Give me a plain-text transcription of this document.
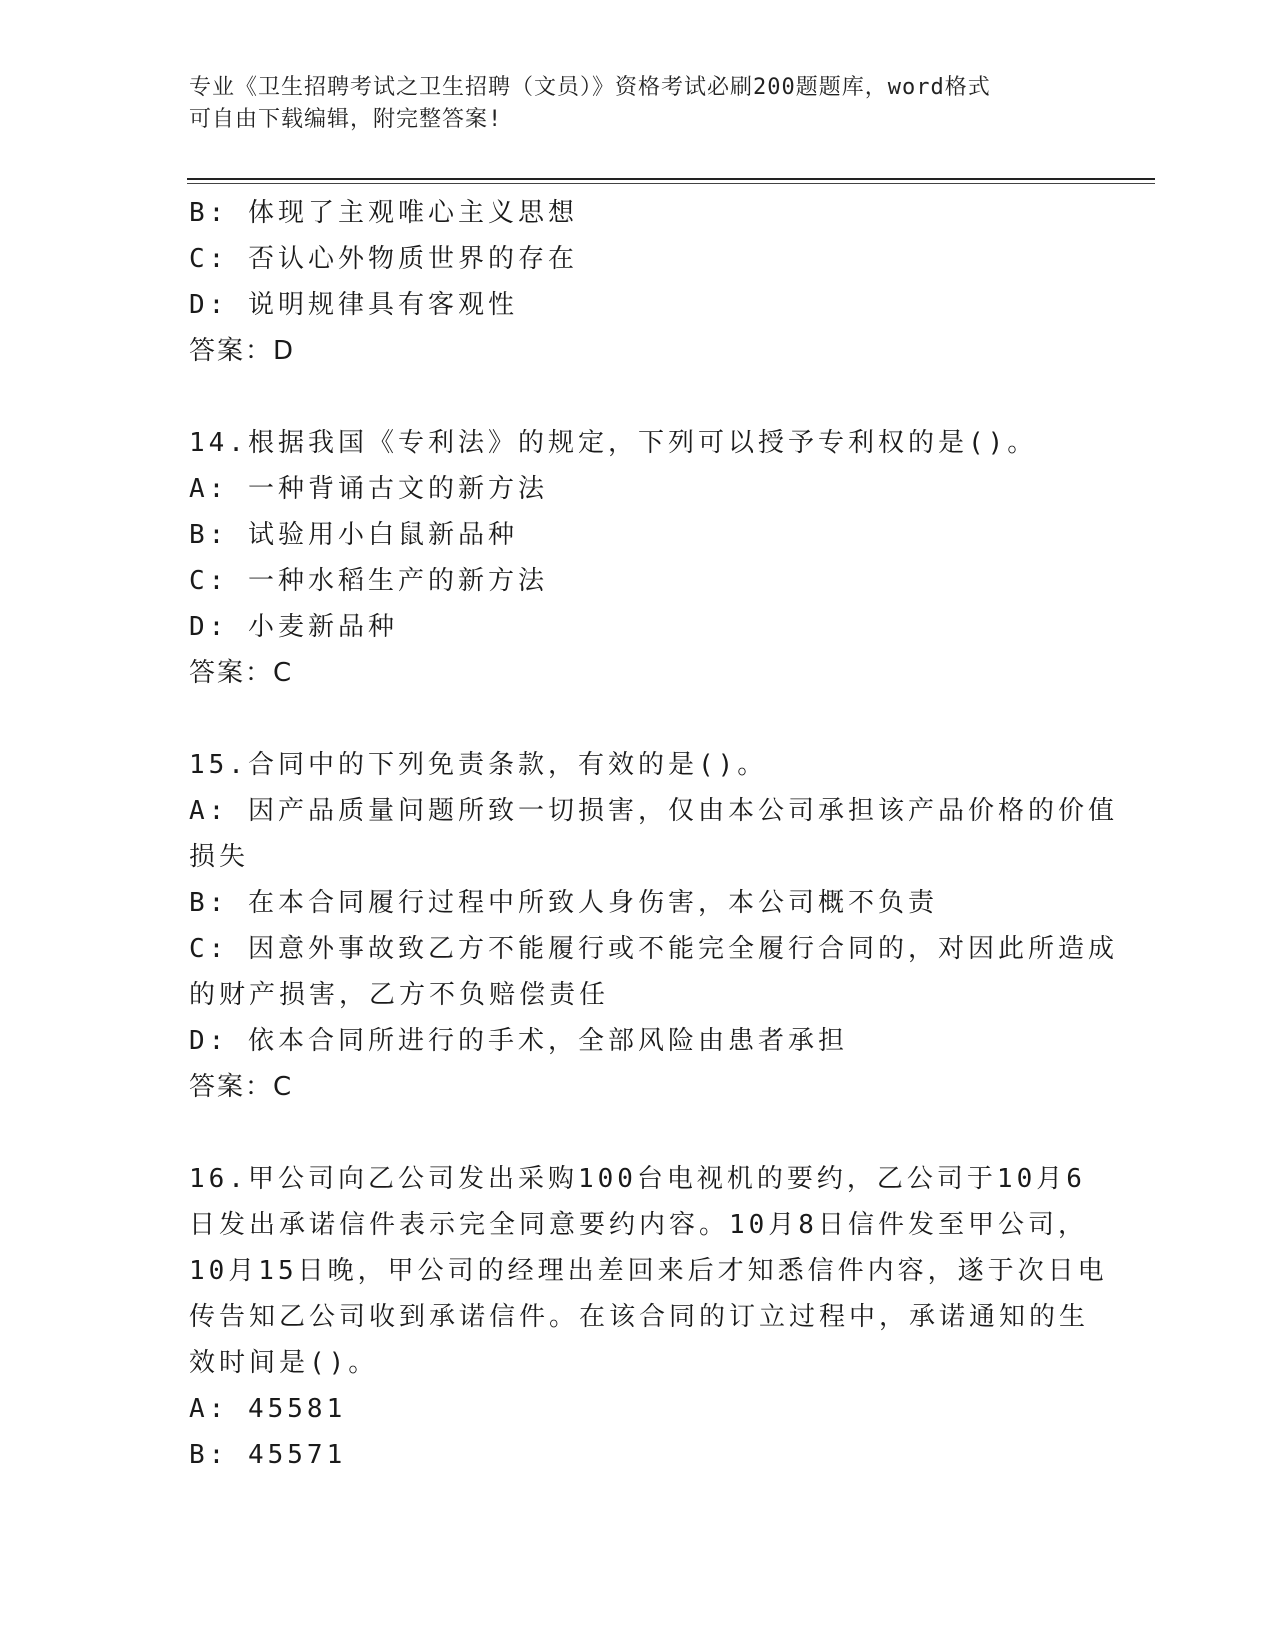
专业《卫生招聘考试之卫生招聘（文员）》资格考试必刷200题题库，word格式
可自由下载编辑，附完整答案!
B: 体现了主观唯心主义思想
C: 否认心外物质世界的存在
D: 说明规律具有客观性
答案：D
14.根据我国《专利法》的规定，下列可以授予专利权的是()。
A: 一种背诵古文的新方法
B: 试验用小白鼠新品种
C: 一种水稻生产的新方法
D: 小麦新品种
答案：C
15.合同中的下列免责条款，有效的是()。
A: 因产品质量问题所致一切损害，仅由本公司承担该产品价格的价值
损失
B: 在本合同履行过程中所致人身伤害，本公司概不负责
C: 因意外事故致乙方不能履行或不能完全履行合同的，对因此所造成
的财产损害，乙方不负赔偿责任
D: 依本合同所进行的手术，全部风险由患者承担
答案：C
16.甲公司向乙公司发出采购100台电视机的要约，乙公司于10月6
日发出承诺信件表示完全同意要约内容。10月8日信件发至甲公司，
10月15日晚，甲公司的经理出差回来后才知悉信件内容，遂于次日电
传告知乙公司收到承诺信件。在该合同的订立过程中，承诺通知的生
效时间是()。
A: 45581
B: 45571
